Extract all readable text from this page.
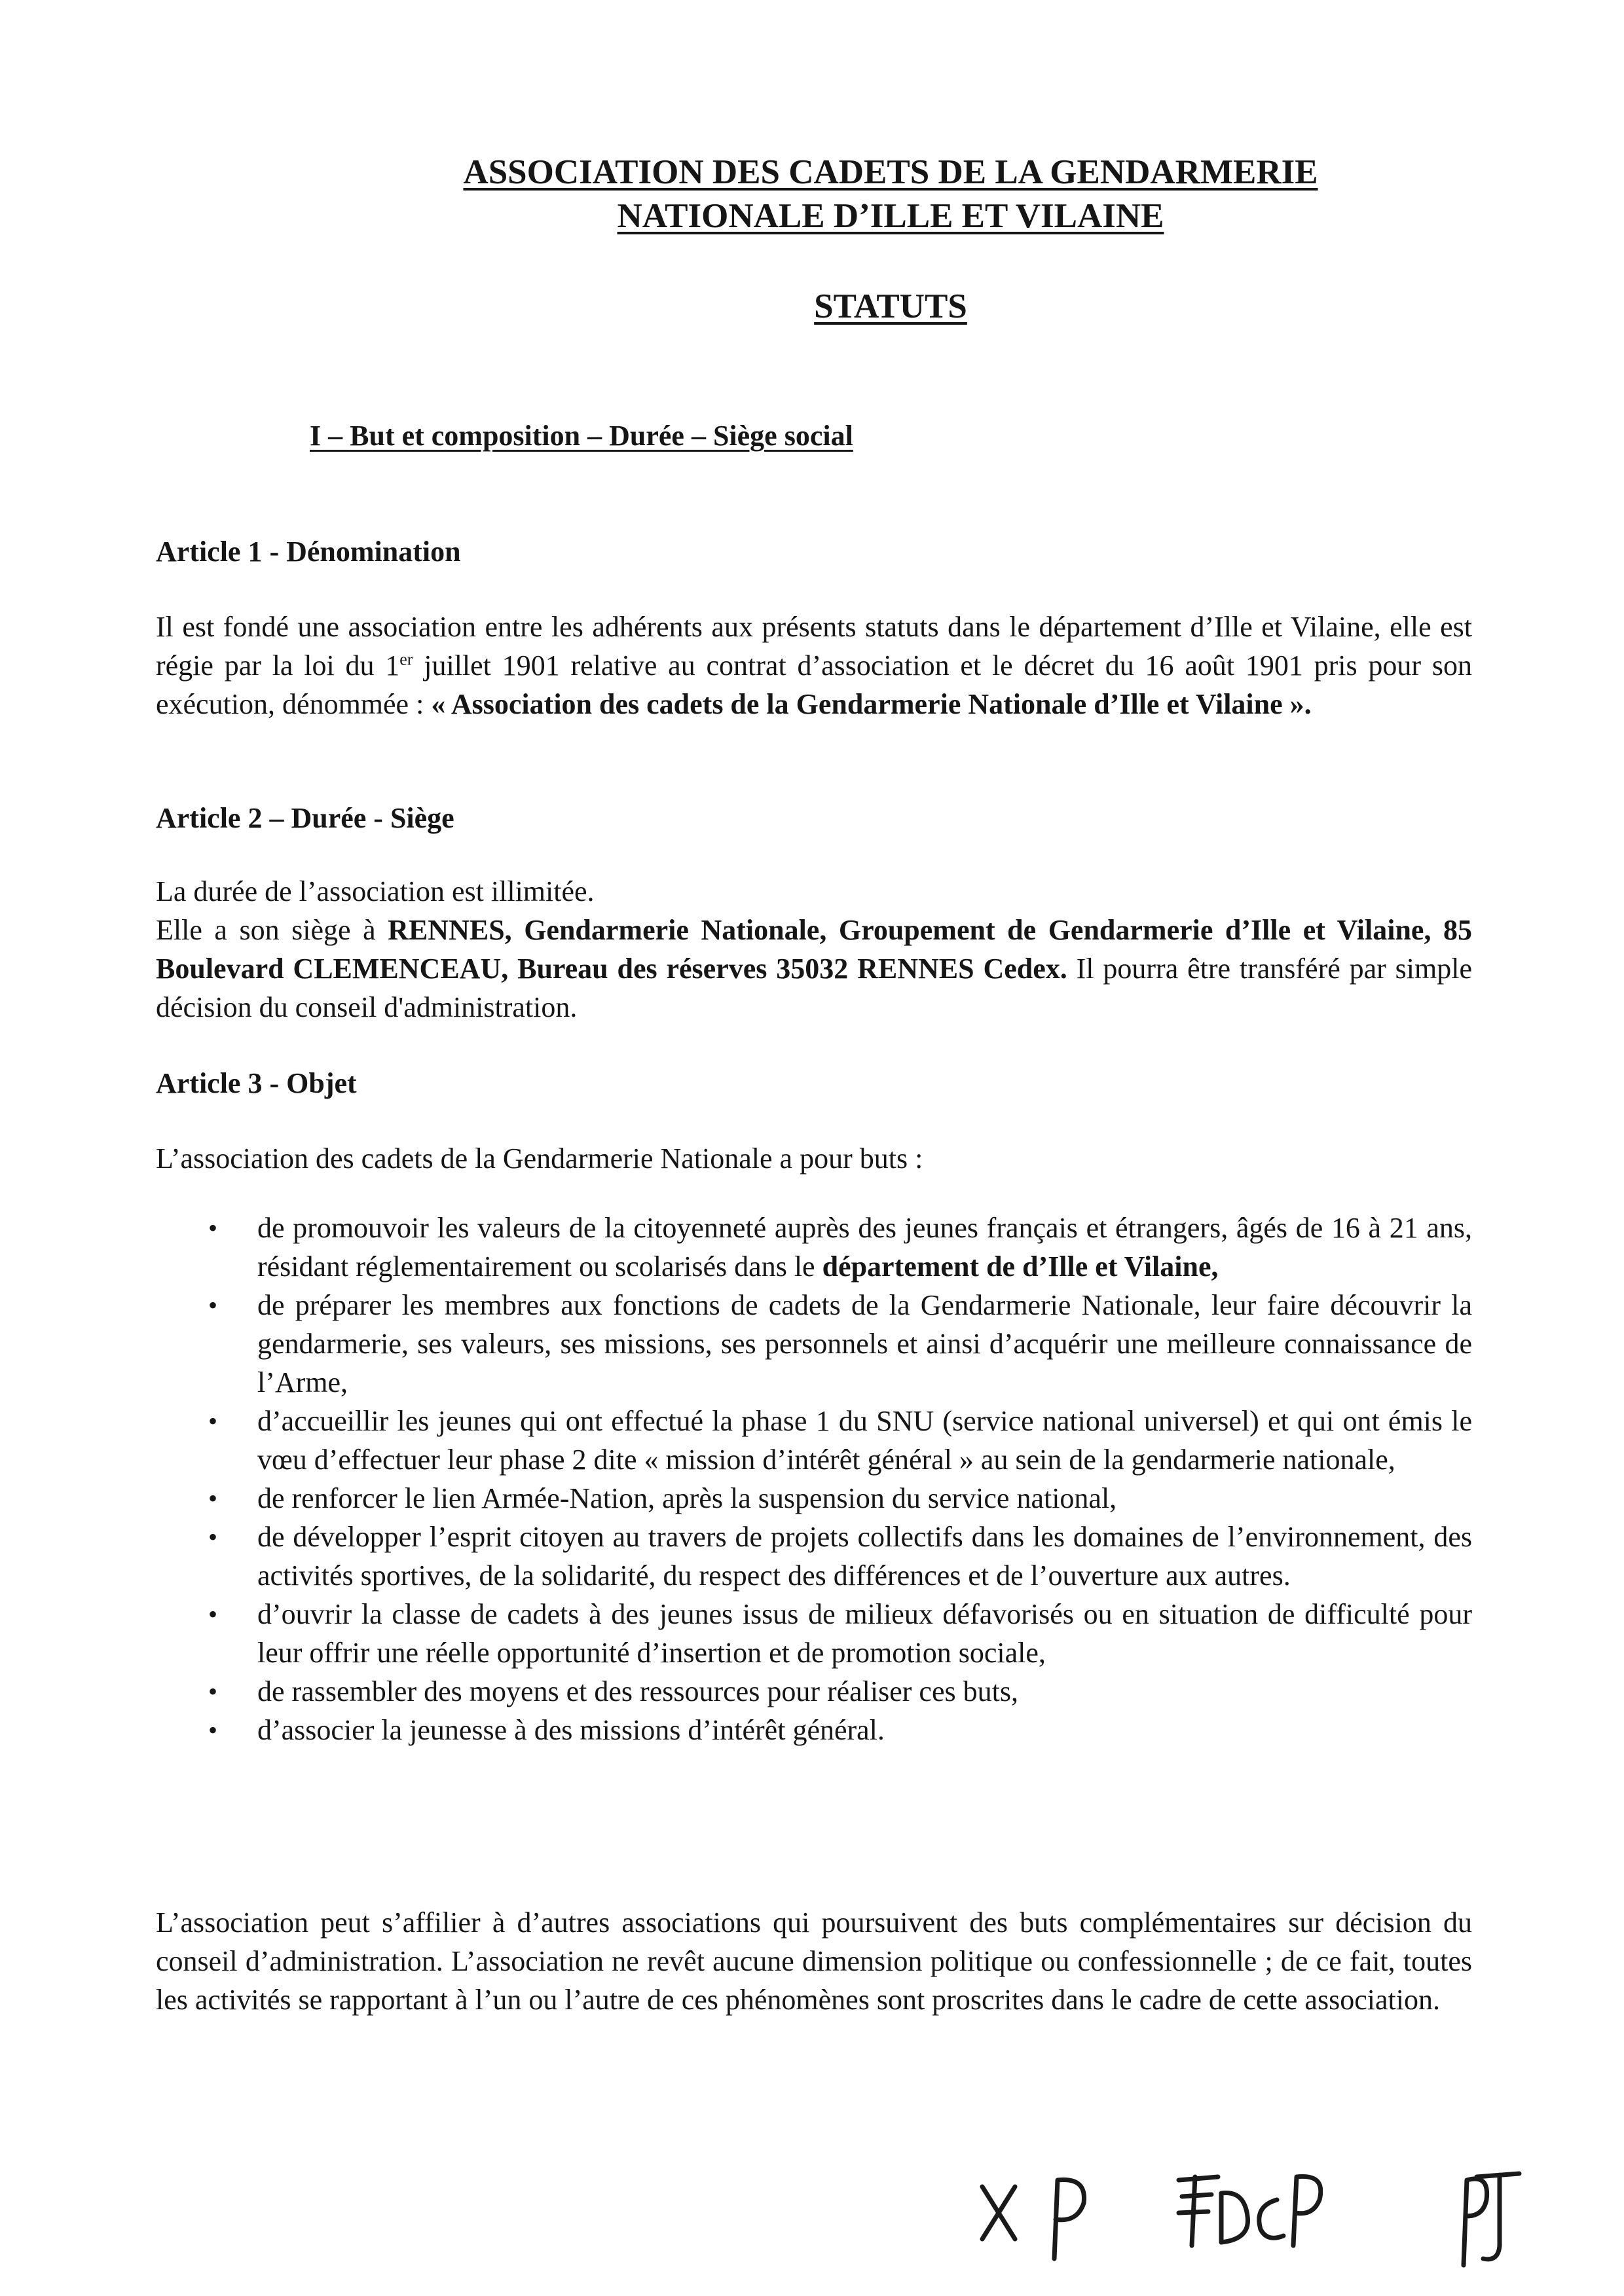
ASSOCIATION DES CADETS DE LA GENDARMERIE
NATIONALE D’ILLE ET VILAINE
STATUTS
I – But et composition – Durée – Siège social
Article 1 - Dénomination

Il est fondé une association entre les adhérents aux présents statuts dans le département d’Ille et Vilaine, elle est régie par la loi du 1er juillet 1901 relative au contrat d’association et le décret du 16 août 1901 pris pour son exécution, dénommée : « Association des cadets de la Gendarmerie Nationale d’Ille et Vilaine ».

Article 2 – Durée - Siège

La durée de l’association est illimitée.
Elle a son siège à RENNES, Gendarmerie Nationale, Groupement de Gendarmerie d’Ille et Vilaine, 85 Boulevard CLEMENCEAU, Bureau des réserves 35032 RENNES Cedex. Il pourra être transféré par simple décision du conseil d'administration.

Article 3 - Objet

L’association des cadets de la Gendarmerie Nationale a pour buts :

• de promouvoir les valeurs de la citoyenneté auprès des jeunes français et étrangers, âgés de 16 à 21 ans, résidant réglementairement ou scolarisés dans le département de d’Ille et Vilaine,
• de préparer les membres aux fonctions de cadets de la Gendarmerie Nationale, leur faire découvrir la gendarmerie, ses valeurs, ses missions, ses personnels et ainsi d’acquérir une meilleure connaissance de l’Arme,
• d’accueillir les jeunes qui ont effectué la phase 1 du SNU (service national universel) et qui ont émis le vœu d’effectuer leur phase 2 dite « mission d’intérêt général » au sein de la gendarmerie nationale,
• de renforcer le lien Armée-Nation, après la suspension du service national,
• de développer l’esprit citoyen au travers de projets collectifs dans les domaines de l’environnement, des activités sportives, de la solidarité, du respect des différences et de l’ouverture aux autres.
• d’ouvrir la classe de cadets à des jeunes issus de milieux défavorisés ou en situation de difficulté pour leur offrir une réelle opportunité d’insertion et de promotion sociale,
• de rassembler des moyens et des ressources pour réaliser ces buts,
• d’associer la jeunesse à des missions d’intérêt général.

L’association peut s’affilier à d’autres associations qui poursuivent des buts complémentaires sur décision du conseil d’administration. L’association ne revêt aucune dimension politique ou confessionnelle ; de ce fait, toutes les activités se rapportant à l’un ou l’autre de ces phénomènes sont proscrites dans le cadre de cette association.
